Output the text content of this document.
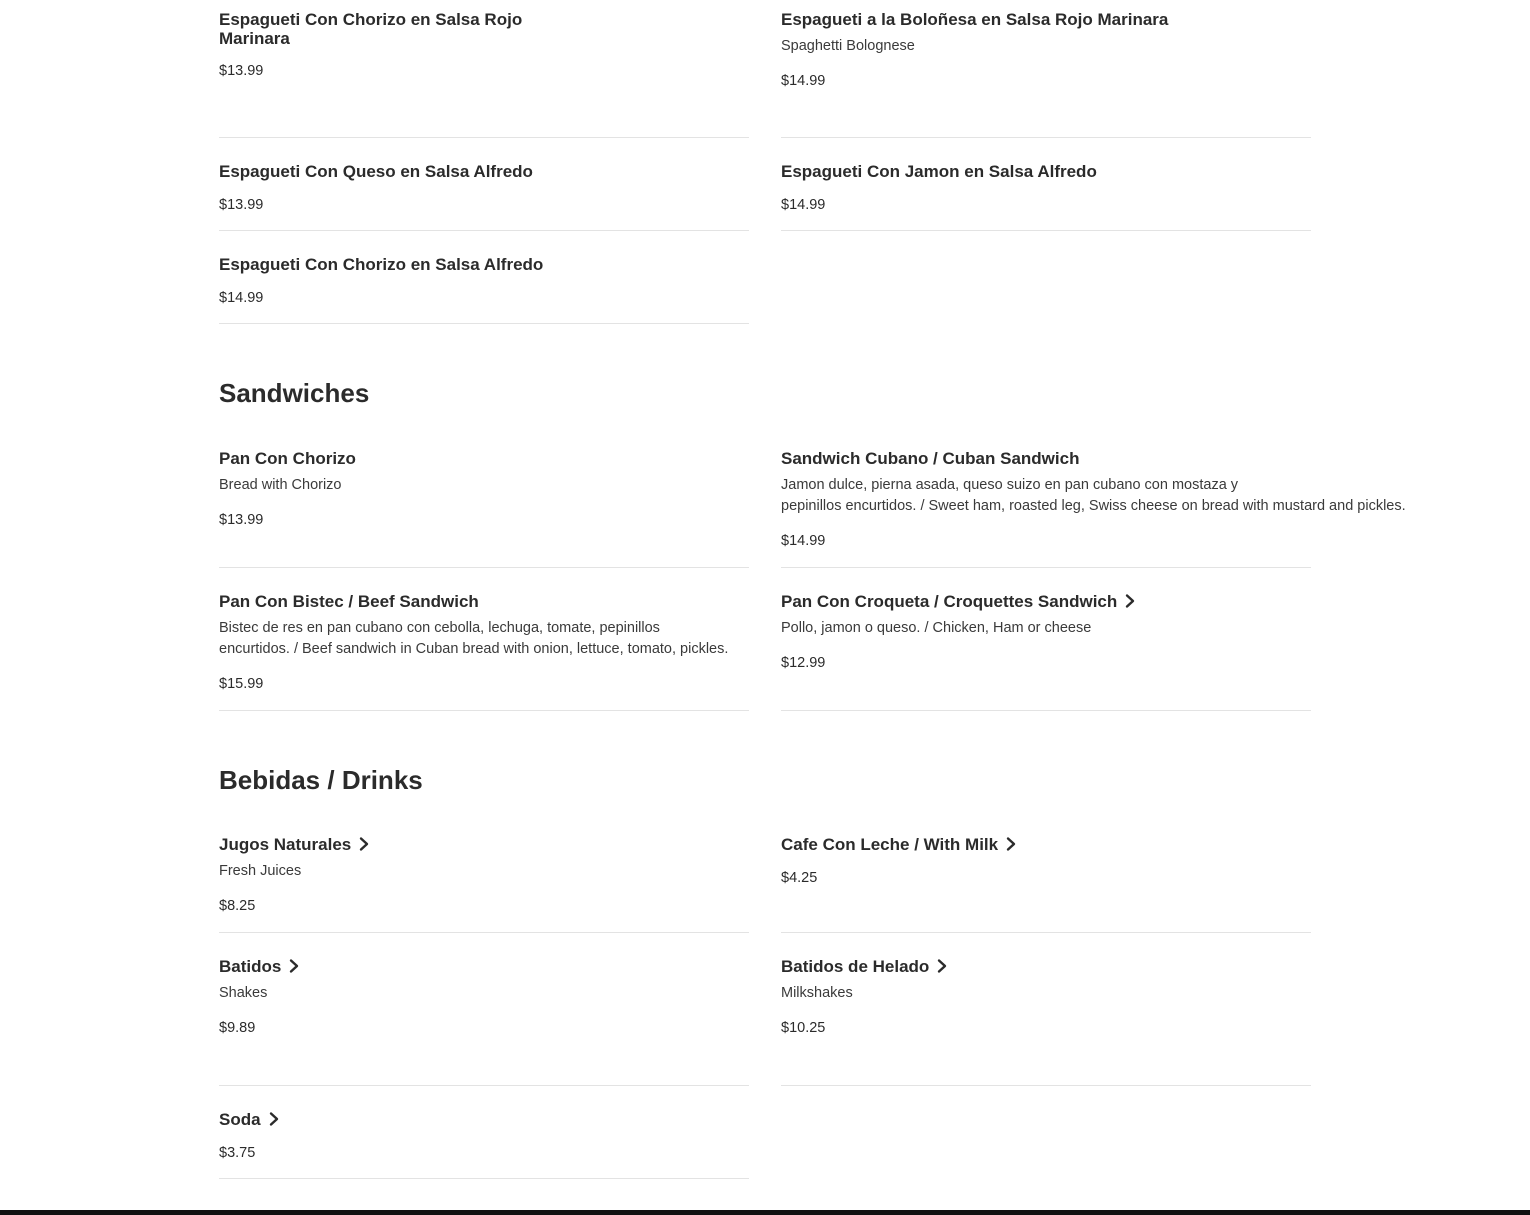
Espagueti Con Chorizo en Salsa Rojo Marinara
$13.99
Espagueti a la Boloñesa en Salsa Rojo Marinara
Spaghetti Bolognese
$14.99
Espagueti Con Queso en Salsa Alfredo
$13.99
Espagueti Con Jamon en Salsa Alfredo
$14.99
Espagueti Con Chorizo en Salsa Alfredo
$14.99
Sandwiches
Pan Con Chorizo
Bread with Chorizo
$13.99
Sandwich Cubano / Cuban Sandwich
Jamon dulce, pierna asada, queso suizo en pan cubano con mostaza y
pepinillos encurtidos. / Sweet ham, roasted leg, Swiss cheese on bread with mustard and pickles.
$14.99
Pan Con Bistec / Beef Sandwich
Bistec de res en pan cubano con cebolla, lechuga, tomate, pepinillos
encurtidos. / Beef sandwich in Cuban bread with onion, lettuce, tomato, pickles.
$15.99
Pan Con Croqueta / Croquettes Sandwich
Pollo, jamon o queso. / Chicken, Ham or cheese
$12.99
Bebidas / Drinks
Jugos Naturales
Fresh Juices
$8.25
Cafe Con Leche / With Milk
$4.25
Batidos
Shakes
$9.89
Batidos de Helado
Milkshakes
$10.25
Soda
$3.75
